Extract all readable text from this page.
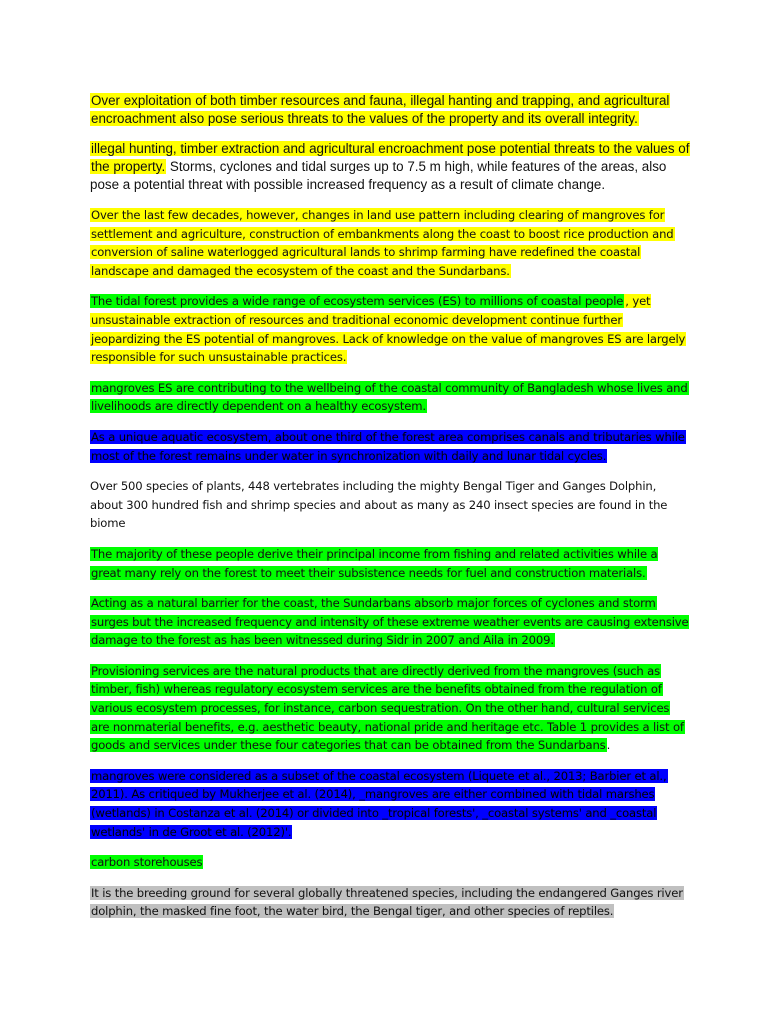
Over exploitation of both timber resources and fauna, illegal hanting and trapping, and agricultural encroachment also pose serious threats to the values of the property and its overall integrity.

illegal hunting, timber extraction and agricultural encroachment pose potential threats to the values of the property. Storms, cyclones and tidal surges up to 7.5 m high, while features of the areas, also pose a potential threat with possible increased frequency as a result of climate change.

Over the last few decades, however, changes in land use pattern including clearing of mangroves for settlement and agriculture, construction of embankments along the coast to boost rice production and conversion of saline waterlogged agricultural lands to shrimp farming have redefined the coastal landscape and damaged the ecosystem of the coast and the Sundarbans.

The tidal forest provides a wide range of ecosystem services (ES) to millions of coastal people , yet unsustainable extraction of resources and traditional economic development continue further jeopardizing the ES potential of mangroves. Lack of knowledge on the value of mangroves ES are largely responsible for such unsustainable practices.

mangroves ES are contributing to the wellbeing of the coastal community of Bangladesh whose lives and livelihoods are directly dependent on a healthy ecosystem.

As a unique aquatic ecosystem, about one third of the forest area comprises canals and tributaries while most of the forest remains under water in synchronization with daily and lunar tidal cycles.

Over 500 species of plants, 448 vertebrates including the mighty Bengal Tiger and Ganges Dolphin, about 300 hundred fish and shrimp species and about as many as 240 insect species are found in the biome

The majority of these people derive their principal income from fishing and related activities while a great many rely on the forest to meet their subsistence needs for fuel and construction materials.

Acting as a natural barrier for the coast, the Sundarbans absorb major forces of cyclones and storm surges but the increased frequency and intensity of these extreme weather events are causing extensive damage to the forest as has been witnessed during Sidr in 2007 and Aila in 2009.

Provisioning services are the natural products that are directly derived from the mangroves (such as timber, fish) whereas regulatory ecosystem services are the benefits obtained from the regulation of various ecosystem processes, for instance, carbon sequestration. On the other hand, cultural services are nonmaterial benefits, e.g. aesthetic beauty, national pride and heritage etc. Table 1 provides a list of goods and services under these four categories that can be obtained from the Sundarbans.

mangroves were considered as a subset of the coastal ecosystem (Liquete et al., 2013; Barbier et al., 2011). As critiqued by Mukherjee et al. (2014), _mangroves are either combined with tidal marshes (wetlands) in Costanza et al. (2014) or divided into _tropical forests', _coastal systems' and _coastal wetlands' in de Groot et al. (2012)'.

carbon storehouses

It is the breeding ground for several globally threatened species, including the endangered Ganges river dolphin, the masked fine foot, the water bird, the Bengal tiger, and other species of reptiles.
